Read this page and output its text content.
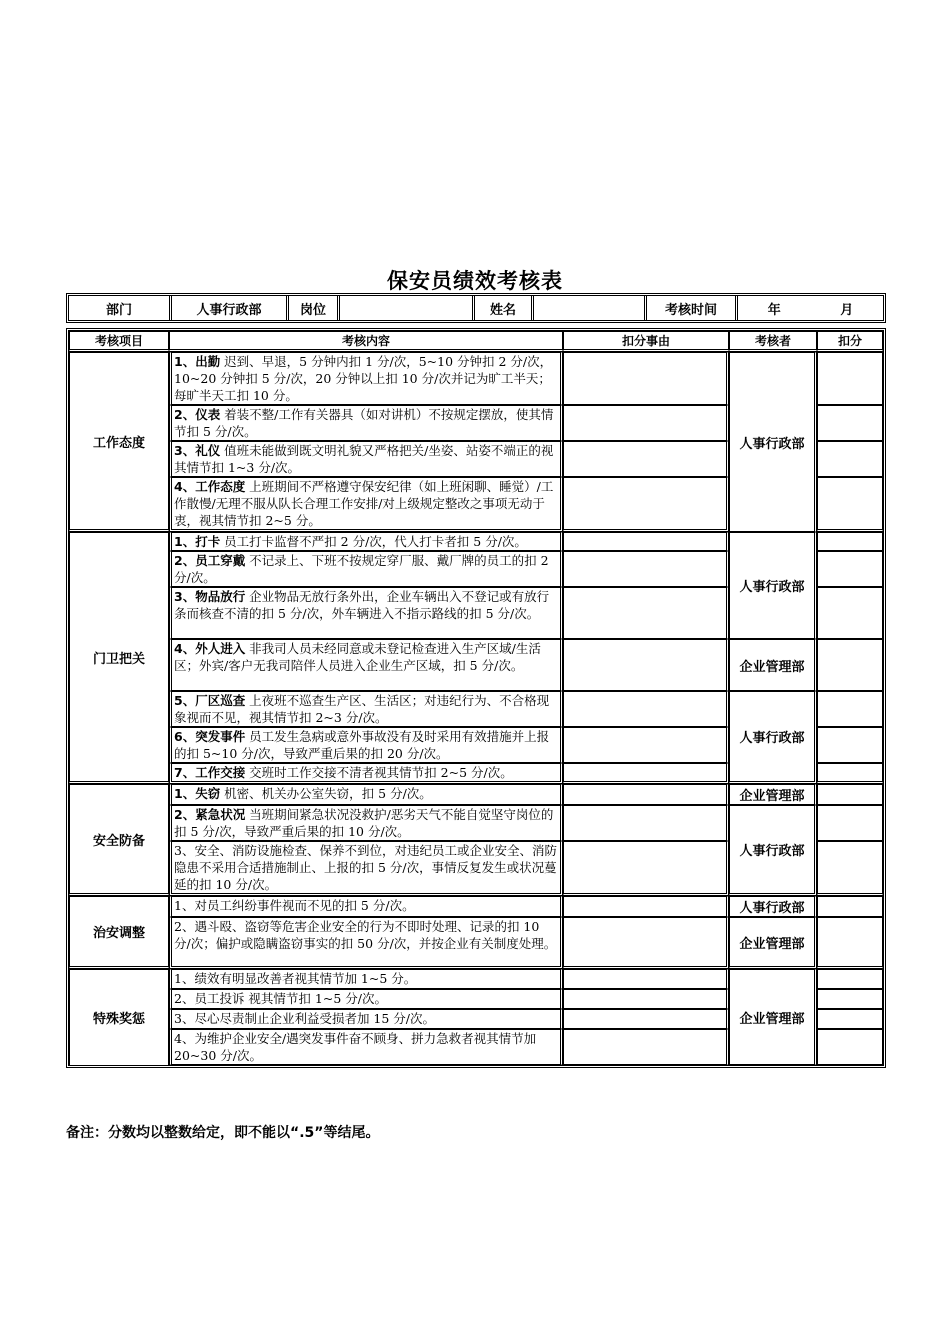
保安员绩效考核表
部门	人事行政部	岗位		姓名		考核时间	年	月
考核项目	考核内容	扣分事由	考核者	扣分
工作态度	1、出勤 迟到、早退，5 分钟内扣 1 分/次，5~10 分钟扣 2 分/次，10~20 分钟扣 5 分/次，20 分钟以上扣 10 分/次并记为旷工半天；每旷半天工扣 10 分。		人事行政部	
	2、仪表 着装不整/工作有关器具（如对讲机）不按规定摆放，使其情节扣 5 分/次。			
	3、礼仪 值班未能做到既文明礼貌又严格把关/坐姿、站姿不端正的视其情节扣 1~3 分/次。			
	4、工作态度 上班期间不严格遵守保安纪律（如上班闲聊、睡觉）/工作散慢/无理不服从队长合理工作安排/对上级规定整改之事项无动于衷，视其情节扣 2~5 分。			
门卫把关	1、打卡 员工打卡监督不严扣 2 分/次，代人打卡者扣 5 分/次。		人事行政部	
	2、员工穿戴 不记录上、下班不按规定穿厂服、戴厂牌的员工的扣 2 分/次。			
	3、物品放行 企业物品无放行条外出，企业车辆出入不登记或有放行条而核查不清的扣 5 分/次，外车辆进入不指示路线的扣 5 分/次。			
	4、外人进入 非我司人员未经同意或未登记检查进入生产区域/生活区；外宾/客户无我司陪伴人员进入企业生产区域，扣 5 分/次。		企业管理部	
	5、厂区巡查 上夜班不巡查生产区、生活区；对违纪行为、不合格现象视而不见，视其情节扣 2~3 分/次。		人事行政部	
	6、突发事件 员工发生急病或意外事故没有及时采用有效措施并上报的扣 5~10 分/次，导致严重后果的扣 20 分/次。			
	7、工作交接 交班时工作交接不清者视其情节扣 2~5 分/次。			
安全防备	1、失窃 机密、机关办公室失窃，扣 5 分/次。		企业管理部	
	2、紧急状况 当班期间紧急状况没救护/恶劣天气不能自觉坚守岗位的扣 5 分/次，导致严重后果的扣 10 分/次。		人事行政部	
	3、安全、消防设施检查、保养不到位，对违纪员工或企业安全、消防隐患不采用合适措施制止、上报的扣 5 分/次，事情反复发生或状况蔓延的扣 10 分/次。			
治安调整	1、对员工纠纷事件视而不见的扣 5 分/次。		人事行政部	
	2、遇斗殴、盗窃等危害企业安全的行为不即时处理、记录的扣 10 分/次；偏护或隐瞒盗窃事实的扣 50 分/次，并按企业有关制度处理。		企业管理部	
特殊奖惩	1、绩效有明显改善者视其情节加 1~5 分。		企业管理部	
	2、员工投诉 视其情节扣 1~5 分/次。			
	3、尽心尽责制止企业利益受损者加 15 分/次。			
	4、为维护企业安全/遇突发事件奋不顾身、拼力急救者视其情节加 20~30 分/次。			
备注：分数均以整数给定，即不能以“.5”等结尾。
